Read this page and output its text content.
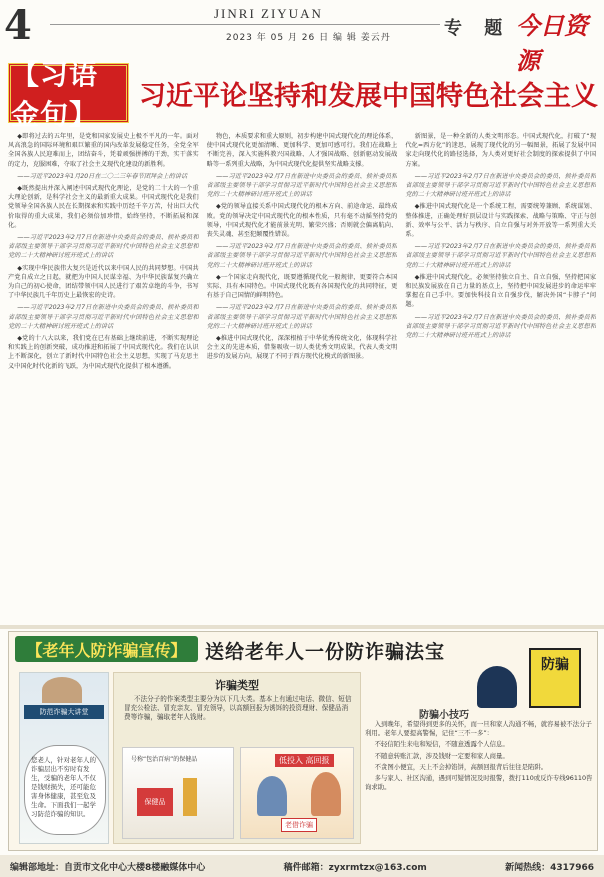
4	JINRI ZIYUAN
2023 年 05 月 26 日 编 辑 姜云丹	专 题 今日资源
【习语金句】
习近平论坚持和发展中国特色社会主义

◆即将过去的五年里，是党和国家发展史上极不平凡的一年。面对风高浪急的国际环境和艰巨繁重的国内改革发展稳定任务，全党全军全国各族人民迎难而上，团结奋斗，凭着顽强拼搏的干劲，实干落实的定力，克服困难，夺取了社会主义现代化建设的新胜利。

——习近平2023年1月20日在二〇二三年春节团拜会上的讲话

◆既然提出并深入阐述中国式现代化理论，是党的二十大的一个重大理论创新，是科学社会主义的最新重大成果。中国式现代化是我们党领导全国各族人民在长期探索和实践中历经千辛万苦，付出巨大代价取得的重大成果，我们必须倍加珍惜，始终坚持，不断拓展和深化。

——习近平2023年2月7日在新进中央委员会的委员、候补委员和省部级主要领导干部学习贯彻习近平新时代中国特色社会主义思想和党的二十大精神研讨班开班式上的讲话

◆实现中华民族伟大复兴是近代以来中国人民的共同梦想。中国共产党自成立之日起，就把为中国人民谋幸福、为中华民族谋复兴确立为自己的初心使命，团结带领中国人民进行了艰苦卓绝的斗争，书写了中华民族几千年历史上最恢宏的史诗。

——习近平2023年2月7日在新进中央委员会的委员、候补委员和省部级主要领导干部学习贯彻习近平新时代中国特色社会主义思想和党的二十大精神研讨班开班式上的讲话

◆党的十八大以来，我们党在已有基础上继续前进，不断实现理论和实践上的创新突破，成功推进和拓展了中国式现代化。我们在认识上不断深化，创立了新时代中国特色社会主义思想，实现了马克思主义中国化时代化新的飞跃，为中国式现代化提供了根本遵循。

物色，本质要求和重大原则，初步构建中国式现代化的理论体系，使中国式现代化更加清晰、更加科学、更加可感可行。我们在战略上不断完善，深入实施科教兴国战略、人才强国战略、创新驱动发展战略等一系列重大战略，为中国式现代化提供坚实战略支撑。

——习近平2023年2月7日在新进中央委员会的委员、候补委员和省部级主要领导干部学习贯彻习近平新时代中国特色社会主义思想和党的二十大精神研讨班开班式上的讲话

◆党的领导直接关系中国式现代化的根本方向、前途命运、最终成败。党的领导决定中国式现代化的根本性质，只有毫不动摇坚持党的领导，中国式现代化才能前景光明、繁荣兴盛；否则就会偏离航向、丧失灵魂、甚至犯颠覆性错误。

——习近平2023年2月7日在新进中央委员会的委员、候补委员和省部级主要领导干部学习贯彻习近平新时代中国特色社会主义思想和党的二十大精神研讨班开班式上的讲话

◆一个国家走向现代化，既要遵循现代化一般规律，更要符合本国实际、具有本国特色。中国式现代化既有各国现代化的共同特征，更有基于自己国情的鲜明特色。

——习近平2023年2月7日在新进中央委员会的委员、候补委员和省部级主要领导干部学习贯彻习近平新时代中国特色社会主义思想和党的二十大精神研讨班开班式上的讲话

◆推进中国式现代化，深深根植于中华优秀传统文化，体现科学社会主义的先进本质，借鉴吸收一切人类优秀文明成果，代表人类文明进步的发展方向，展现了不同于西方现代化模式的新图景。

新图景，是一种全新的人类文明形态。中国式现代化，打破了“现代化=西方化”的迷思，展现了现代化的另一幅图景，拓展了发展中国家走向现代化的路径选择，为人类对更好社会制度的探索提供了中国方案。

——习近平2023年2月7日在新进中央委员会的委员、候补委员和省部级主要领导干部学习贯彻习近平新时代中国特色社会主义思想和党的二十大精神研讨班开班式上的讲话

◆推进中国式现代化是一个系统工程，需要统筹兼顾、系统谋划、整体推进，正确处理好顶层设计与实践探索、战略与策略、守正与创新、效率与公平、活力与秩序、自立自强与对外开放等一系列重大关系。

——习近平2023年2月7日在新进中央委员会的委员、候补委员和省部级主要领导干部学习贯彻习近平新时代中国特色社会主义思想和党的二十大精神研讨班开班式上的讲话

◆推进中国式现代化，必须坚持独立自主、自立自强，坚持把国家和民族发展放在自己力量的基点上，坚持把中国发展进步的命运牢牢掌握在自己手中。要加快科技自立自强步伐，解决外国“卡脖子”问题。

——习近平2023年2月7日在新进中央委员会的委员、候补委员和省部级主要领导干部学习贯彻习近平新时代中国特色社会主义思想和党的二十大精神研讨班开班式上的讲话

【老年人防诈骗宣传】 送给老年人一份防诈骗法宝
防范诈骗大讲堂
您老人，针对老年人的诈骗层出不穷时有发生，受骗的老年人不仅是钱财损失，还可能危害身体健康，甚至危及生命。下面我们一起学习防范诈骗的知识。
诈骗类型
不法分子的作案类型主要分为以下几大类。基本上有通过电话、微信、短信冒充公检法、冒充亲友、冒充领导，以高额回报为诱饵的投资理财、保健品消费等诈骗，骗取老年人钱财。
号称“包治百病”的保健品
保健品
低投入 高回报
老借诈骗
防骗
防骗小技巧

入到晚年，希望得到更多的关怀，而一旦和家人沟通不畅，就容易被不法分子利用。老年人要提高警惕，记住“三不一多”：

不轻信陌生来电和短信，不随意透露个人信息。

不随意转账汇款，涉及钱财一定要和家人商量。

不贪图小便宜，天上不会掉馅饼，高额回报背后往往是陷阱。

多与家人、社区沟通，遇到可疑情况及时报警，拨打110或反诈专线96110咨询求助。

编辑部地址：自贡市文化中心大楼8楼融媒体中心	稿件邮箱：zyxrmtzx@163.com	新闻热线：4317966
